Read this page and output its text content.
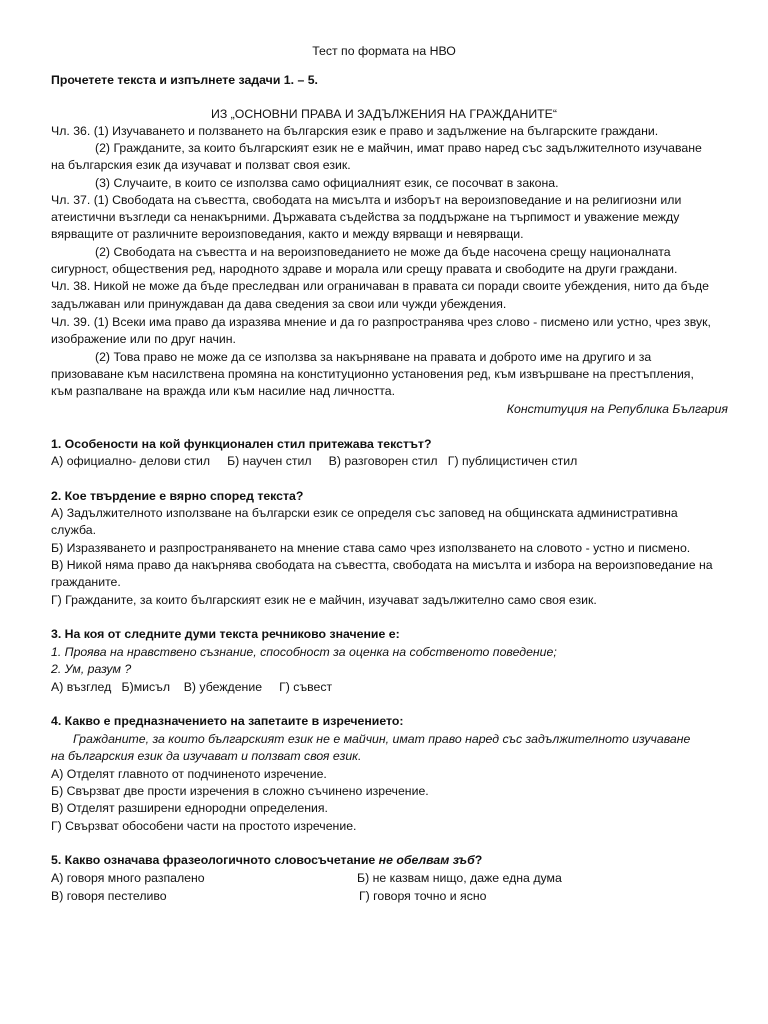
Тест по формата на НВО
Прочетете текста и изпълнете задачи 1. – 5.
ИЗ „ОСНОВНИ ПРАВА И ЗАДЪЛЖЕНИЯ НА ГРАЖДАНИТЕ“
Чл. 36. (1) Изучаването и ползването на българския език е право и задължение на българските граждани.
(2) Гражданите, за които българският език не е майчин, имат право наред със задължителното изучаване
на българския език да изучават и ползват своя език.
(3) Случаите, в които се използва само официалният език, се посочват в закона.
Чл. 37. (1) Свободата на съвестта, свободата на мисълта и изборът на вероизповедание и на религиозни или
атеистични възгледи са ненакърними. Държавата съдейства за поддържане на търпимост и уважение между
вярващите от различните вероизповедания, както и между вярващи и невярващи.
(2) Свободата на съвестта и на вероизповеданието не може да бъде насочена срещу националната
сигурност, обществения ред, народното здраве и морала или срещу правата и свободите на други граждани.
Чл. 38. Никой не може да бъде преследван или ограничаван в правата си поради своите убеждения, нито да бъде
задължаван или принуждаван да дава сведения за свои или чужди убеждения.
Чл. 39. (1) Всеки има право да изразява мнение и да го разпространява чрез слово - писмено или устно, чрез звук,
изображение или по друг начин.
(2) Това право не може да се използва за накърняване на правата и доброто име на другиго и за
призоваване към насилствена промяна на конституционно установения ред, към извършване на престъпления,
към разпалване на вражда или към насилие над личността.
Конституция на Република България
1. Особености на кой функционален стил притежава текстът?
А) официално- делови стил     Б) научен стил     В) разговорен стил   Г) публицистичен стил
2. Кое твърдение е вярно според текста?
А) Задължителното използване на български език се определя със заповед на общинската административна
служба.
Б) Изразяването и разпространяването на мнение става само чрез използването на словото - устно и писмено.
В) Никой няма право да накърнява свободата на съвестта, свободата на мисълта и избора на вероизповедание на
гражданите.
Г) Гражданите, за които българският език не е майчин, изучават задължително само своя език.
3. На коя от следните думи текста речниково значение е:
1. Проява на нравствено съзнание, способност за оценка на собственото поведение;
2. Ум, разум ?
А) възглед   Б)мисъл    В) убеждение     Г) съвест
4. Какво е предназначението на запетаите в изречението:
Гражданите, за които българският език не е майчин, имат право наред със задължителното изучаване
на българския език да изучават и ползват своя език.
А) Отделят главното от подчиненото изречение.
Б) Свързват две прости изречения в сложно съчинено изречение.
В) Отделят разширени еднородни определения.
Г) Свързват обособени части на простото изречение.
5. Какво означава фразеологичното словосъчетание не обелвам зъб?
А) говоря много разпалено	Б) не казвам нищо, даже една дума
В) говоря пестеливо	Г) говоря точно и ясно
